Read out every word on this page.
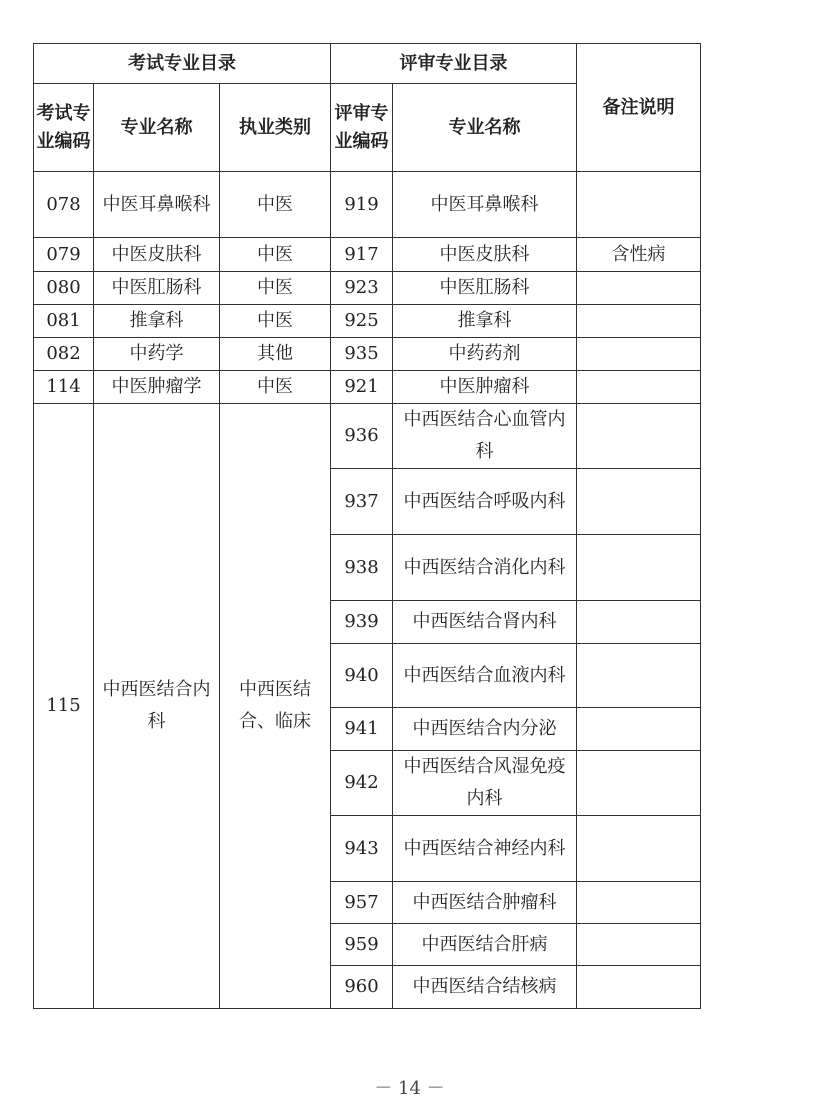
考试专业目录			评审专业目录		备注说明
考试专业编码	专业名称	执业类别	评审专业编码	专业名称	
078	中医耳鼻喉科	中医	919	中医耳鼻喉科	
079	中医皮肤科	中医	917	中医皮肤科	含性病
080	中医肛肠科	中医	923	中医肛肠科	
081	推拿科	中医	925	推拿科	
082	中药学	其他	935	中药药剂	
114	中医肿瘤学	中医	921	中医肿瘤科	
115	中西医结合内科	中西医结合、临床	936	中西医结合心血管内科	
			937	中西医结合呼吸内科	
			938	中西医结合消化内科	
			939	中西医结合肾内科	
			940	中西医结合血液内科	
			941	中西医结合内分泌	
			942	中西医结合风湿免疫内科	
			943	中西医结合神经内科	
			957	中西医结合肿瘤科	
			959	中西医结合肝病	
			960	中西医结合结核病	
－ 14 －
